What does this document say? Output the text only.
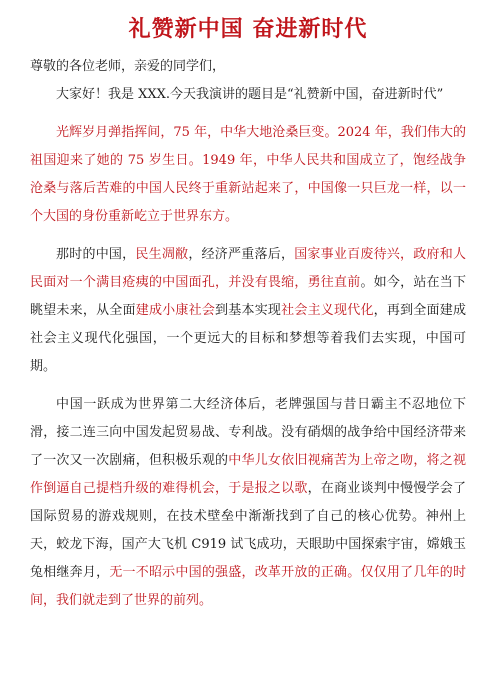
礼赞新中国 奋进新时代

尊敬的各位老师，亲爱的同学们，

大家好！我是 XXX.今天我演讲的题目是“礼赞新中国，奋进新时代”

光辉岁月弹指挥间，75 年，中华大地沧桑巨变。2024 年，我们伟大的祖国迎来了她的 75 岁生日。1949 年，中华人民共和国成立了，饱经战争沧桑与落后苦难的中国人民终于重新站起来了，中国像一只巨龙一样，以一个大国的身份重新屹立于世界东方。

那时的中国，民生凋敝，经济严重落后，国家事业百废待兴，政府和人民面对一个满目疮痍的中国面孔，并没有畏缩，勇往直前。如今，站在当下眺望未来，从全面建成小康社会到基本实现社会主义现代化，再到全面建成社会主义现代化强国，一个更远大的目标和梦想等着我们去实现，中国可期。

中国一跃成为世界第二大经济体后，老牌强国与昔日霸主不忍地位下滑，接二连三向中国发起贸易战、专利战。没有硝烟的战争给中国经济带来了一次又一次剧痛，但积极乐观的中华儿女依旧视痛苦为上帝之吻，将之视作倒逼自己提档升级的难得机会，于是报之以歌，在商业谈判中慢慢学会了国际贸易的游戏规则，在技术壁垒中渐渐找到了自己的核心优势。神州上天，蛟龙下海，国产大飞机 C919 试飞成功，天眼助中国探索宇宙，嫦娥玉兔相继奔月，无一不昭示中国的强盛，改革开放的正确。仅仅用了几年的时间，我们就走到了世界的前列。
